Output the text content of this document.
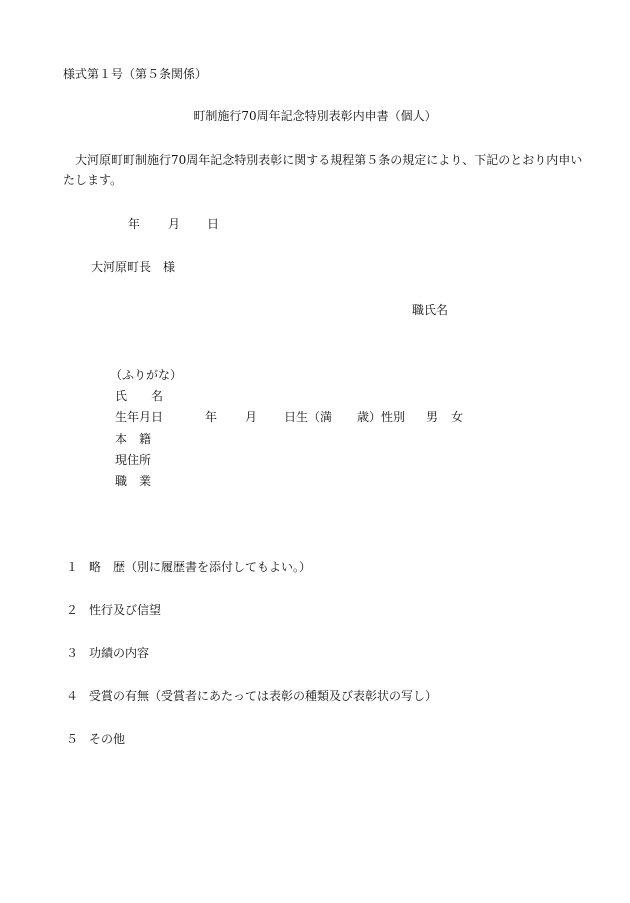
様式第１号（第５条関係）
町制施行70周年記念特別表彰内申書（個人）
大河原町町制施行70周年記念特別表彰に関する規程第５条の規定により、下記のとおり内申いたします。
年 月 日
大河原町長　様
職氏名
（ふりがな）
氏　　名
生年月日	年 月 日生（満 歳）性別 男 女
本　籍
現住所
職　業
１ 略　歴（別に履歴書を添付してもよい。）
２ 性行及び信望
３ 功績の内容
４ 受賞の有無（受賞者にあたっては表彰の種類及び表彰状の写し）
５ その他
